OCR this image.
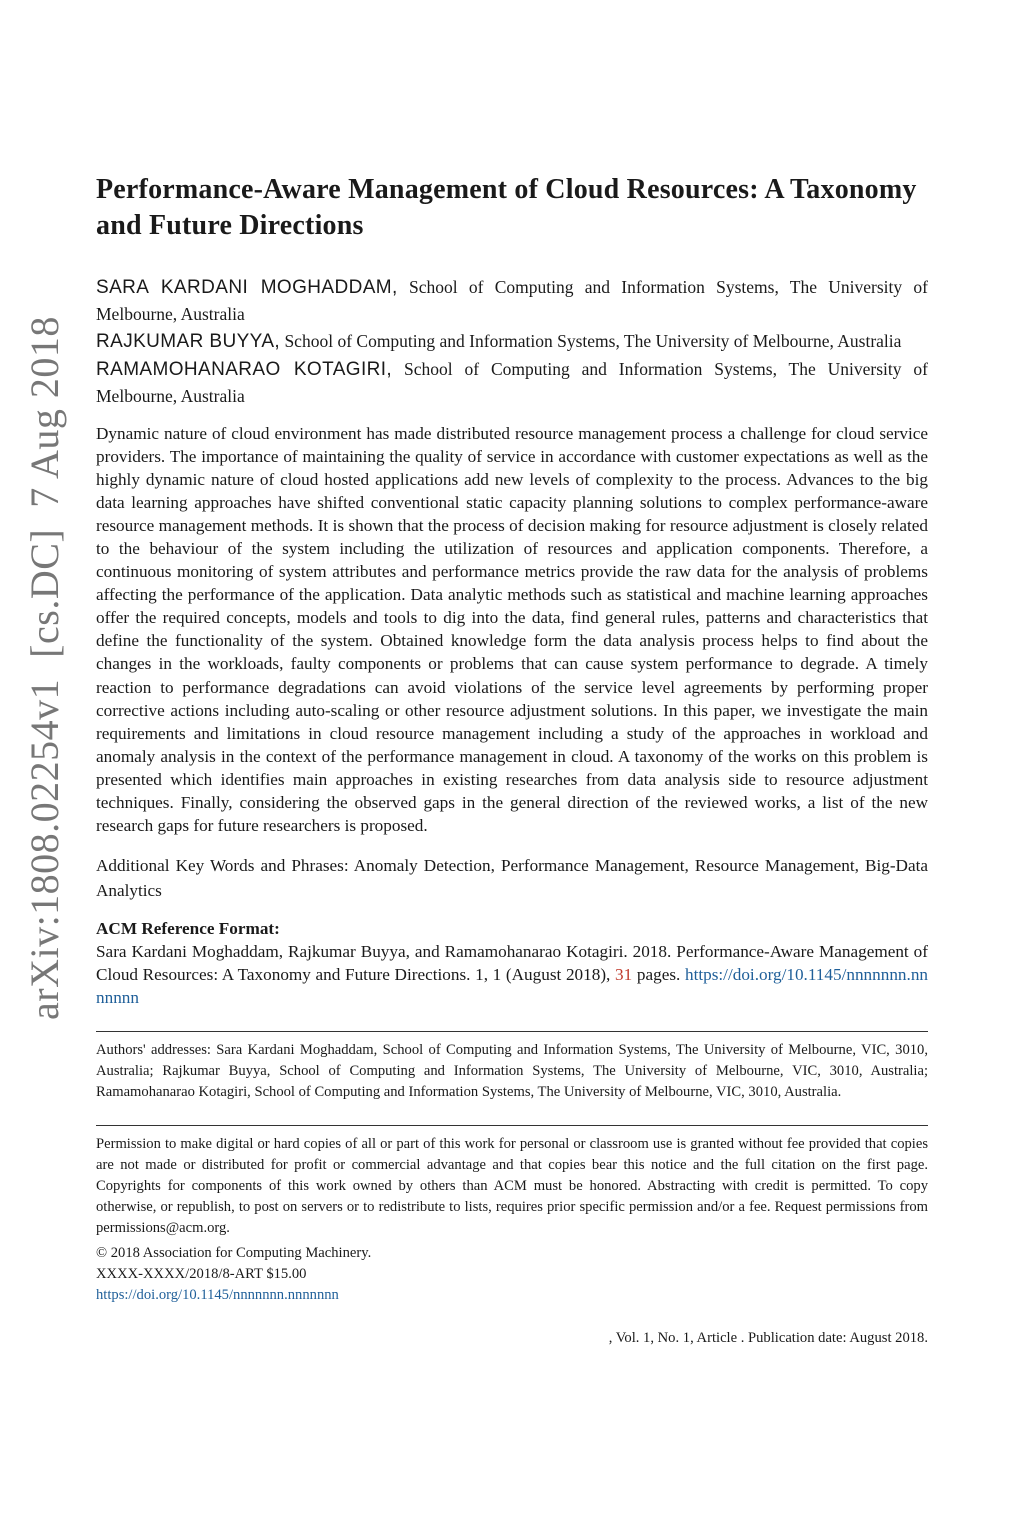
arXiv:1808.02254v1  [cs.DC]  7 Aug 2018
Performance-Aware Management of Cloud Resources: A Taxonomy and Future Directions
SARA KARDANI MOGHADDAM, School of Computing and Information Systems, The University of Melbourne, Australia
RAJKUMAR BUYYA, School of Computing and Information Systems, The University of Melbourne, Australia
RAMAMOHANARAO KOTAGIRI, School of Computing and Information Systems, The University of Melbourne, Australia

Dynamic nature of cloud environment has made distributed resource management process a challenge for cloud service providers. The importance of maintaining the quality of service in accordance with customer expectations as well as the highly dynamic nature of cloud hosted applications add new levels of complexity to the process. Advances to the big data learning approaches have shifted conventional static capacity planning solutions to complex performance-aware resource management methods. It is shown that the process of decision making for resource adjustment is closely related to the behaviour of the system including the utilization of resources and application components. Therefore, a continuous monitoring of system attributes and performance metrics provide the raw data for the analysis of problems affecting the performance of the application. Data analytic methods such as statistical and machine learning approaches offer the required concepts, models and tools to dig into the data, find general rules, patterns and characteristics that define the functionality of the system. Obtained knowledge form the data analysis process helps to find about the changes in the workloads, faulty components or problems that can cause system performance to degrade. A timely reaction to performance degradations can avoid violations of the service level agreements by performing proper corrective actions including auto-scaling or other resource adjustment solutions. In this paper, we investigate the main requirements and limitations in cloud resource management including a study of the approaches in workload and anomaly analysis in the context of the performance management in cloud. A taxonomy of the works on this problem is presented which identifies main approaches in existing researches from data analysis side to resource adjustment techniques. Finally, considering the observed gaps in the general direction of the reviewed works, a list of the new research gaps for future researchers is proposed.

Additional Key Words and Phrases: Anomaly Detection, Performance Management, Resource Management, Big-Data Analytics

ACM Reference Format:
Sara Kardani Moghaddam, Rajkumar Buyya, and Ramamohanarao Kotagiri. 2018. Performance-Aware Management of Cloud Resources: A Taxonomy and Future Directions. 1, 1 (August 2018), 31 pages. https://doi.org/10.1145/nnnnnnn.nnnnnnn

Authors' addresses: Sara Kardani Moghaddam, School of Computing and Information Systems, The University of Melbourne, VIC, 3010, Australia; Rajkumar Buyya, School of Computing and Information Systems, The University of Melbourne, VIC, 3010, Australia; Ramamohanarao Kotagiri, School of Computing and Information Systems, The University of Melbourne, VIC, 3010, Australia.

Permission to make digital or hard copies of all or part of this work for personal or classroom use is granted without fee provided that copies are not made or distributed for profit or commercial advantage and that copies bear this notice and the full citation on the first page. Copyrights for components of this work owned by others than ACM must be honored. Abstracting with credit is permitted. To copy otherwise, or republish, to post on servers or to redistribute to lists, requires prior specific permission and/or a fee. Request permissions from permissions@acm.org.

© 2018 Association for Computing Machinery.
XXXX-XXXX/2018/8-ART $15.00
https://doi.org/10.1145/nnnnnnn.nnnnnnn
, Vol. 1, No. 1, Article . Publication date: August 2018.
